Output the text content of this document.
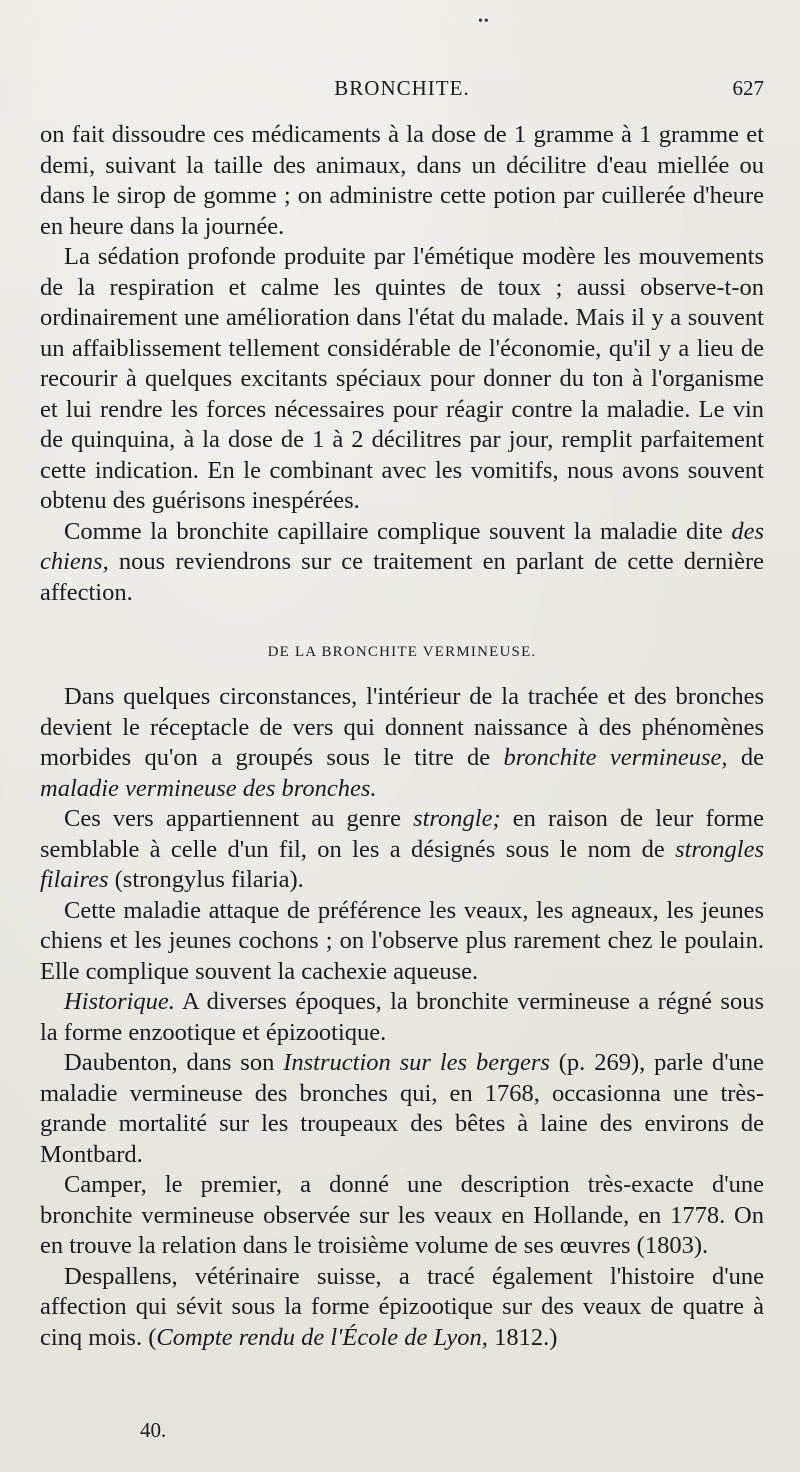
••
BRONCHITE.	627

on fait dissoudre ces médicaments à la dose de 1 gramme à 1 gramme et demi, suivant la taille des animaux, dans un décilitre d'eau miellée ou dans le sirop de gomme ; on administre cette potion par cuillerée d'heure en heure dans la journée.

La sédation profonde produite par l'émétique modère les mouvements de la respiration et calme les quintes de toux ; aussi observe-t-on ordinairement une amélioration dans l'état du malade. Mais il y a souvent un affaiblissement tellement considérable de l'économie, qu'il y a lieu de recourir à quelques excitants spéciaux pour donner du ton à l'organisme et lui rendre les forces nécessaires pour réagir contre la maladie. Le vin de quinquina, à la dose de 1 à 2 décilitres par jour, remplit parfaitement cette indication. En le combinant avec les vomitifs, nous avons souvent obtenu des guérisons inespérées.

Comme la bronchite capillaire complique souvent la maladie dite des chiens, nous reviendrons sur ce traitement en parlant de cette dernière affection.

DE LA BRONCHITE VERMINEUSE.

Dans quelques circonstances, l'intérieur de la trachée et des bronches devient le réceptacle de vers qui donnent naissance à des phénomènes morbides qu'on a groupés sous le titre de bronchite vermineuse, de maladie vermineuse des bronches.

Ces vers appartiennent au genre strongle; en raison de leur forme semblable à celle d'un fil, on les a désignés sous le nom de strongles filaires (strongylus filaria).

Cette maladie attaque de préférence les veaux, les agneaux, les jeunes chiens et les jeunes cochons ; on l'observe plus rarement chez le poulain. Elle complique souvent la cachexie aqueuse.

Historique. A diverses époques, la bronchite vermineuse a régné sous la forme enzootique et épizootique.

Daubenton, dans son Instruction sur les bergers (p. 269), parle d'une maladie vermineuse des bronches qui, en 1768, occasionna une très-grande mortalité sur les troupeaux des bêtes à laine des environs de Montbard.

Camper, le premier, a donné une description très-exacte d'une bronchite vermineuse observée sur les veaux en Hollande, en 1778. On en trouve la relation dans le troisième volume de ses œuvres (1803).

Despallens, vétérinaire suisse, a tracé également l'histoire d'une affection qui sévit sous la forme épizootique sur des veaux de quatre à cinq mois. (Compte rendu de l'École de Lyon, 1812.)

40.
